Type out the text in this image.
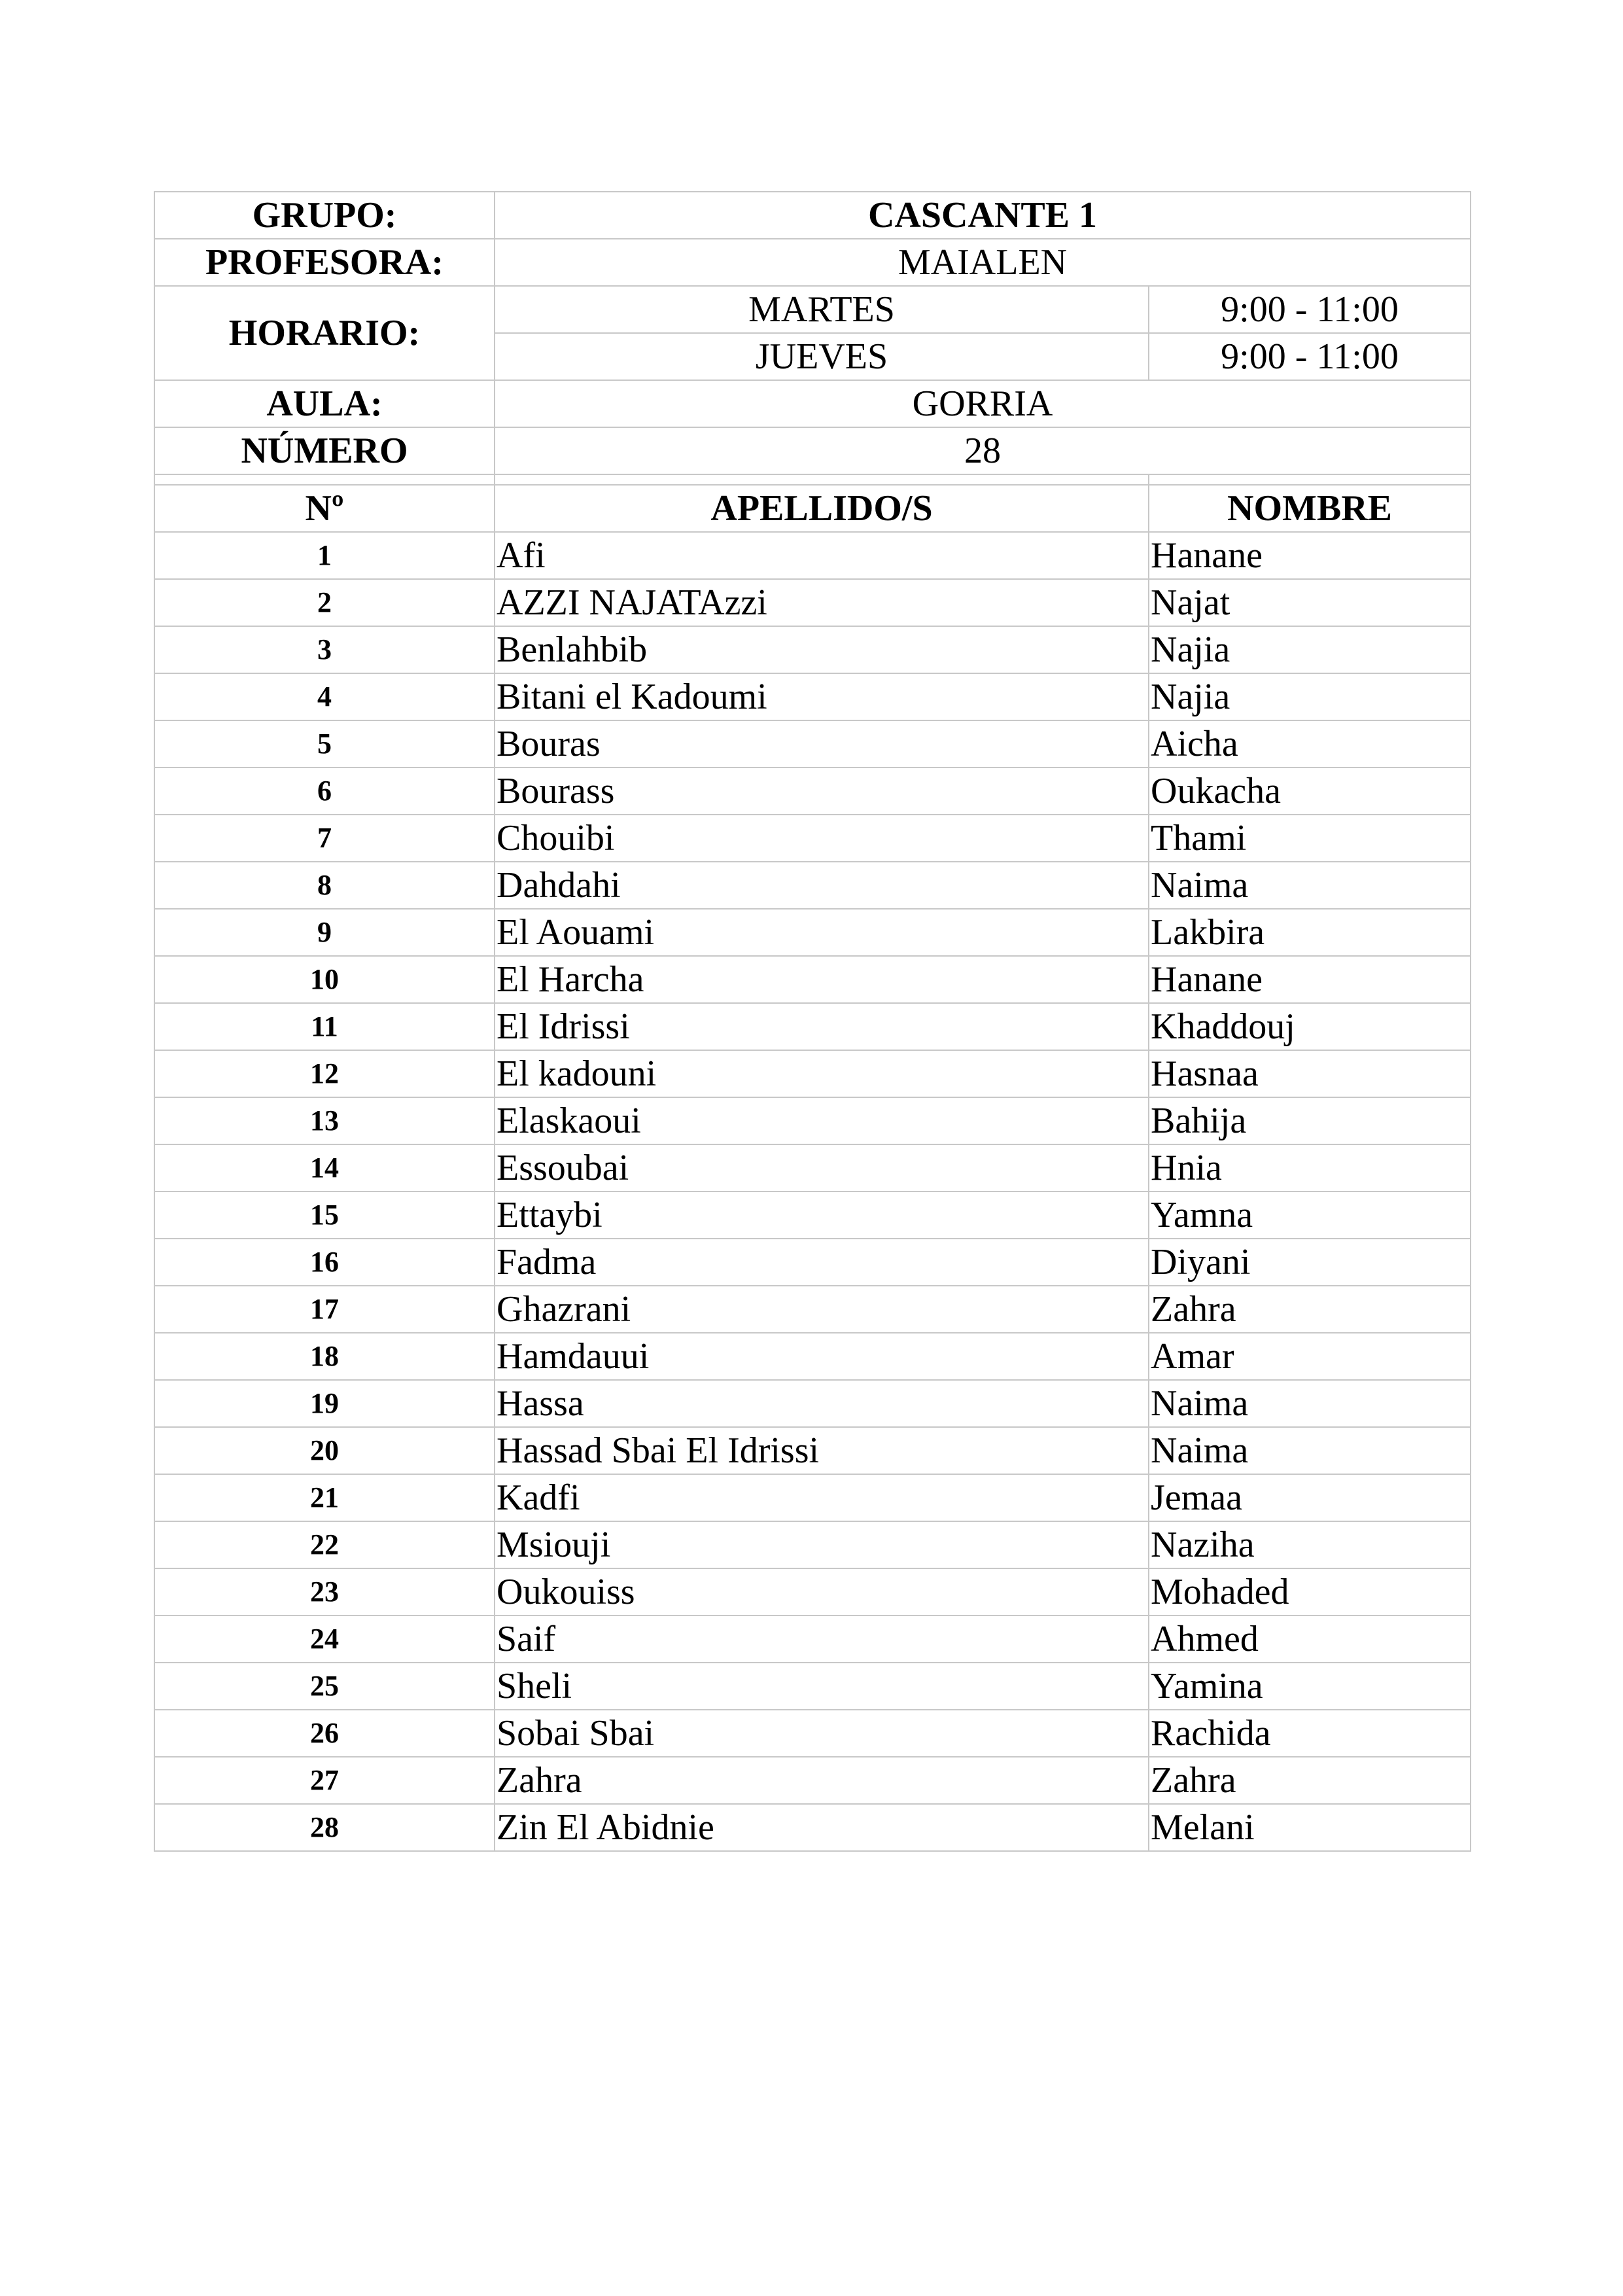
GRUPO:	CASCANTE 1	
PROFESORA:	MAIALEN	
HORARIO:	MARTES	9:00 - 11:00
	JUEVES	9:00 - 11:00
AULA:	GORRIA	
NÚMERO	28	

Nº	APELLIDO/S	NOMBRE
1	Afi	Hanane
2	AZZI NAJATAzzi	Najat
3	Benlahbib	Najia
4	Bitani el Kadoumi	Najia
5	Bouras	Aicha
6	Bourass	Oukacha
7	Chouibi	Thami
8	Dahdahi	Naima
9	El Aouami	Lakbira
10	El Harcha	Hanane
11	El Idrissi	Khaddouj
12	El kadouni	Hasnaa
13	Elaskaoui	Bahija
14	Essoubai	Hnia
15	Ettaybi	Yamna
16	Fadma	Diyani
17	Ghazrani	Zahra
18	Hamdauui	Amar
19	Hassa	Naima
20	Hassad Sbai El Idrissi	Naima
21	Kadfi	Jemaa
22	Msiouji	Naziha
23	Oukouiss	Mohaded
24	Saif	Ahmed
25	Sheli	Yamina
26	Sobai Sbai	Rachida
27	Zahra	Zahra
28	Zin El Abidnie	Melani
